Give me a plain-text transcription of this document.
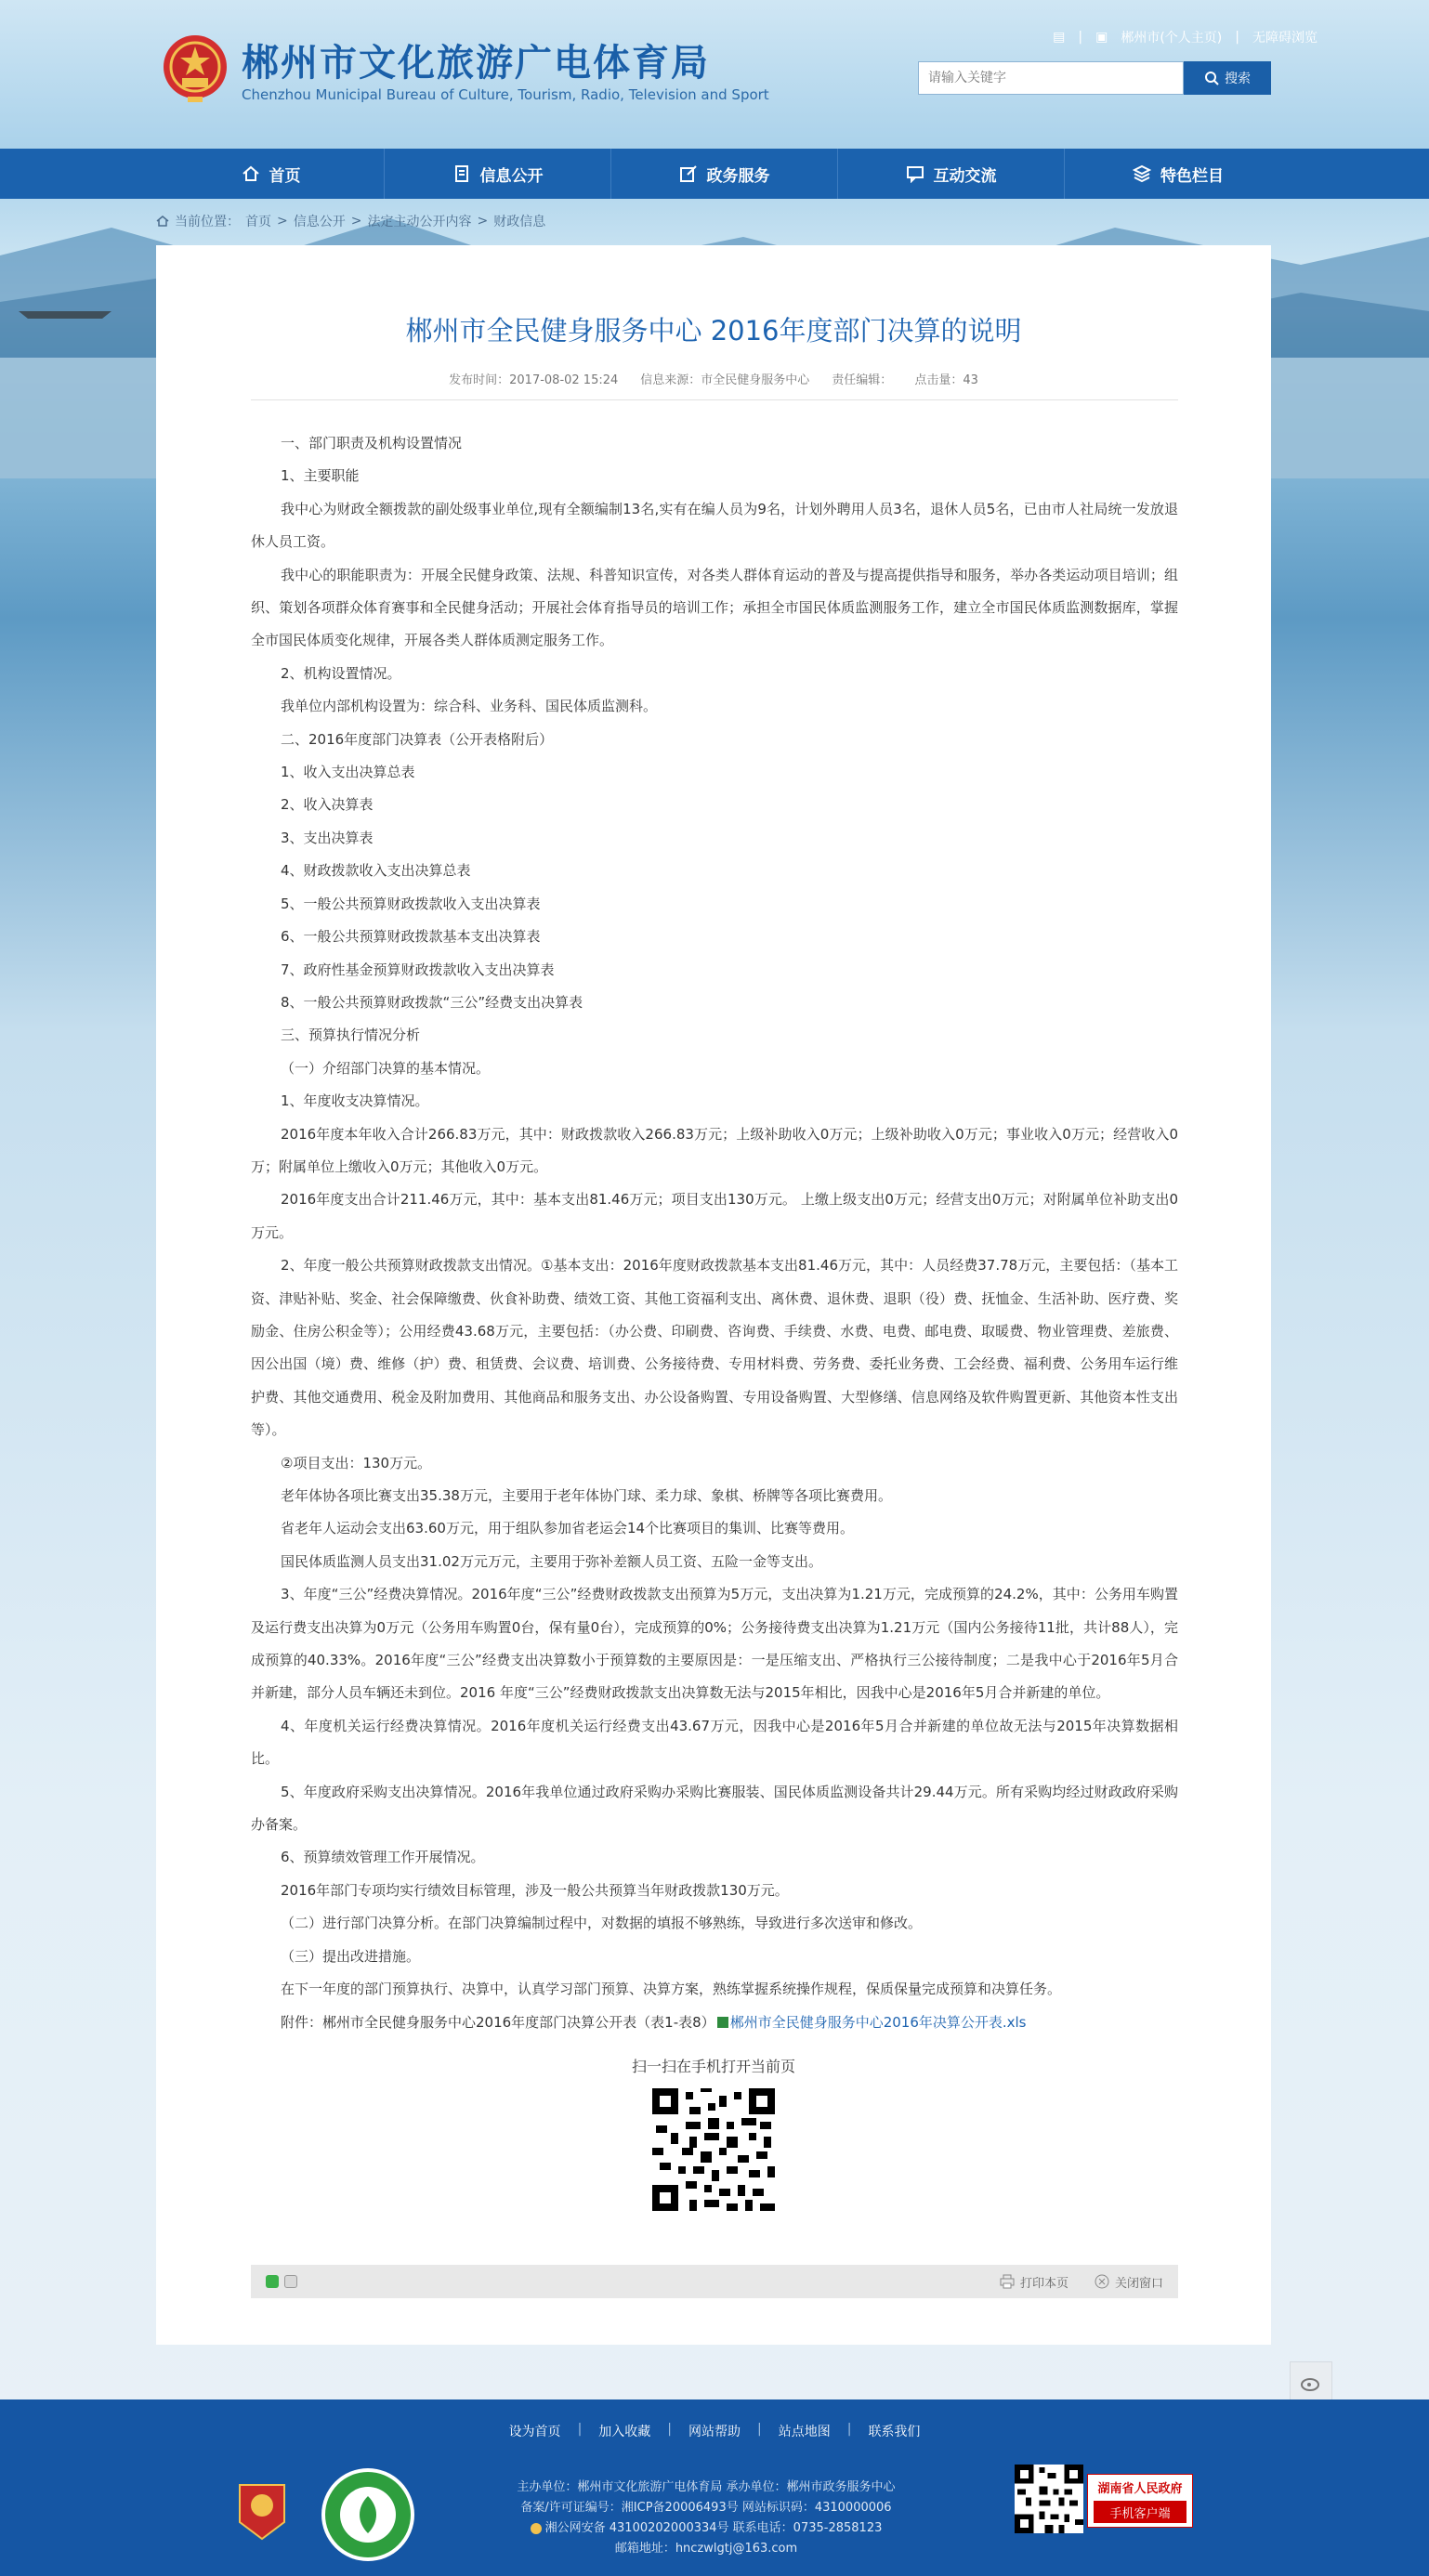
郴州市文化旅游广电体育局
Chenzhou Municipal Bureau of Culture, Tourism, Radio, Television and Sport
▤ | ▣ 郴州市(个人主页) | 无障碍浏览
请输入关键字
搜索
首页	信息公开	政务服务	互动交流	特色栏目
当前位置： 首页 > 信息公开 > 法定主动公开内容 > 财政信息
郴州市全民健身服务中心 2016年度部门决算的说明
发布时间：2017-08-02 15:24 信息来源：市全民健身服务中心 责任编辑： 点击量：43

一、部门职责及机构设置情况

1、主要职能

我中心为财政全额拨款的副处级事业单位,现有全额编制13名,实有在编人员为9名，计划外聘用人员3名，退休人员5名，已由市人社局统一发放退休人员工资。

我中心的职能职责为：开展全民健身政策、法规、科普知识宣传，对各类人群体育运动的普及与提高提供指导和服务，举办各类运动项目培训；组织、策划各项群众体育赛事和全民健身活动；开展社会体育指导员的培训工作；承担全市国民体质监测服务工作，建立全市国民体质监测数据库，掌握全市国民体质变化规律，开展各类人群体质测定服务工作。

2、机构设置情况。

我单位内部机构设置为：综合科、业务科、国民体质监测科。

二、2016年度部门决算表（公开表格附后）

1、收入支出决算总表

2、收入决算表

3、支出决算表

4、财政拨款收入支出决算总表

5、一般公共预算财政拨款收入支出决算表

6、一般公共预算财政拨款基本支出决算表

7、政府性基金预算财政拨款收入支出决算表

8、一般公共预算财政拨款“三公”经费支出决算表

三、预算执行情况分析

（一）介绍部门决算的基本情况。

1、年度收支决算情况。

2016年度本年收入合计266.83万元，其中：财政拨款收入266.83万元；上级补助收入0万元；上级补助收入0万元；事业收入0万元；经营收入0万；附属单位上缴收入0万元；其他收入0万元。

2016年度支出合计211.46万元，其中：基本支出81.46万元；项目支出130万元。 上缴上级支出0万元；经营支出0万元；对附属单位补助支出0万元。

2、年度一般公共预算财政拨款支出情况。①基本支出：2016年度财政拨款基本支出81.46万元，其中：人员经费37.78万元，主要包括：（基本工资、津贴补贴、奖金、社会保障缴费、伙食补助费、绩效工资、其他工资福利支出、离休费、退休费、退职（役）费、抚恤金、生活补助、医疗费、奖励金、住房公积金等）；公用经费43.68万元，主要包括：（办公费、印刷费、咨询费、手续费、水费、电费、邮电费、取暖费、物业管理费、差旅费、因公出国（境）费、维修（护）费、租赁费、会议费、培训费、公务接待费、专用材料费、劳务费、委托业务费、工会经费、福利费、公务用车运行维护费、其他交通费用、税金及附加费用、其他商品和服务支出、办公设备购置、专用设备购置、大型修缮、信息网络及软件购置更新、其他资本性支出等）。

②项目支出：130万元。

老年体协各项比赛支出35.38万元，主要用于老年体协门球、柔力球、象棋、桥牌等各项比赛费用。

省老年人运动会支出63.60万元，用于组队参加省老运会14个比赛项目的集训、比赛等费用。

国民体质监测人员支出31.02万元万元，主要用于弥补差额人员工资、五险一金等支出。

3、年度“三公”经费决算情况。2016年度“三公”经费财政拨款支出预算为5万元，支出决算为1.21万元，完成预算的24.2%，其中：公务用车购置及运行费支出决算为0万元（公务用车购置0台，保有量0台），完成预算的0%；公务接待费支出决算为1.21万元（国内公务接待11批，共计88人），完成预算的40.33%。2016年度“三公”经费支出决算数小于预算数的主要原因是：一是压缩支出、严格执行三公接待制度；二是我中心于2016年5月合并新建，部分人员车辆还未到位。2016 年度“三公”经费财政拨款支出决算数无法与2015年相比，因我中心是2016年5月合并新建的单位。

4、年度机关运行经费决算情况。2016年度机关运行经费支出43.67万元，因我中心是2016年5月合并新建的单位故无法与2015年决算数据相比。

5、年度政府采购支出决算情况。2016年我单位通过政府采购办采购比赛服装、国民体质监测设备共计29.44万元。所有采购均经过财政政府采购办备案。

6、预算绩效管理工作开展情况。

2016年部门专项均实行绩效目标管理，涉及一般公共预算当年财政拨款130万元。

（二）进行部门决算分析。在部门决算编制过程中，对数据的填报不够熟练，导致进行多次送审和修改。

（三）提出改进措施。

在下一年度的部门预算执行、决算中，认真学习部门预算、决算方案，熟练掌握系统操作规程，保质保量完成预算和决算任务。

附件：郴州市全民健身服务中心2016年度部门决算公开表（表1-表8） 郴州市全民健身服务中心2016年决算公开表.xls

扫一扫在手机打开当前页
打印本页	关闭窗口
设为首页 | 加入收藏 | 网站帮助 | 站点地图 | 联系我们
主办单位：郴州市文化旅游广电体育局 承办单位：郴州市政务服务中心
备案/许可证编号：湘ICP备20006493号 网站标识码：4310000006
湘公网安备 43100202000334号 联系电话：0735-2858123
邮箱地址：hnczwlgtj@163.com
湖南省人民政府
手机客户端
